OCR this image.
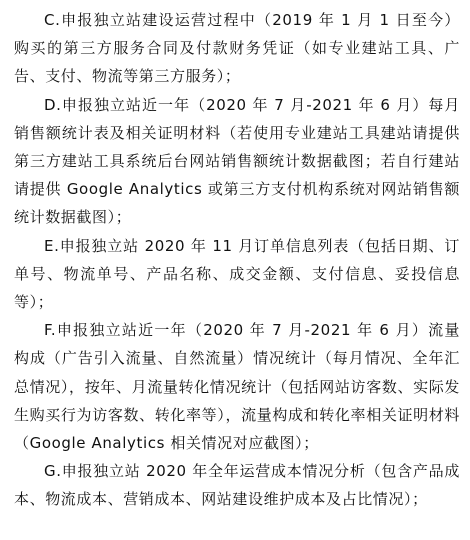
C.申报独立站建设运营过程中（2019 年 1 月 1 日至今）购买的第三方服务合同及付款财务凭证（如专业建站工具、广告、支付、物流等第三方服务）；

D.申报独立站近一年（2020 年 7 月-2021 年 6 月）每月销售额统计表及相关证明材料（若使用专业建站工具建站请提供第三方建站工具系统后台网站销售额统计数据截图；若自行建站请提供 Google Analytics 或第三方支付机构系统对网站销售额统计数据截图）；

E.申报独立站 2020 年 11 月订单信息列表（包括日期、订单号、物流单号、产品名称、成交金额、支付信息、妥投信息等）；

F.申报独立站近一年（2020 年 7 月-2021 年 6 月）流量构成（广告引入流量、自然流量）情况统计（每月情况、全年汇总情况），按年、月流量转化情况统计（包括网站访客数、实际发生购买行为访客数、转化率等），流量构成和转化率相关证明材料（Google Analytics 相关情况对应截图）；

G.申报独立站 2020 年全年运营成本情况分析（包含产品成本、物流成本、营销成本、网站建设维护成本及占比情况）；
